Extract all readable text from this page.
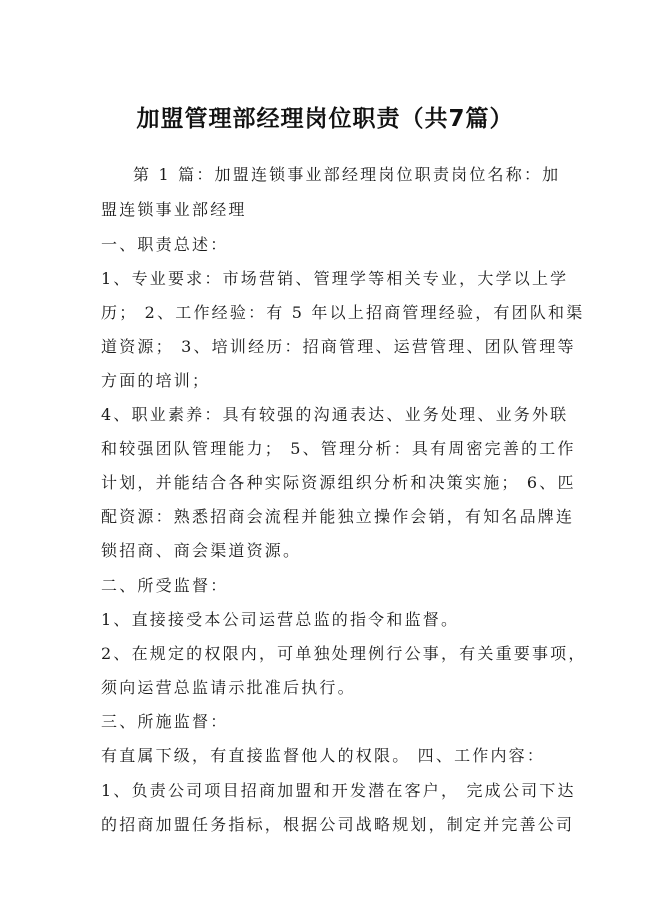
加盟管理部经理岗位职责（共7篇）
第 1 篇：加盟连锁事业部经理岗位职责岗位名称：加
盟连锁事业部经理
一、职责总述：
1、专业要求：市场营销、管理学等相关专业，大学以上学
历； 2、工作经验：有 5 年以上招商管理经验，有团队和渠
道资源； 3、培训经历：招商管理、运营管理、团队管理等
方面的培训；
4、职业素养：具有较强的沟通表达、业务处理、业务外联
和较强团队管理能力； 5、管理分析：具有周密完善的工作
计划，并能结合各种实际资源组织分析和决策实施； 6、匹
配资源：熟悉招商会流程并能独立操作会销，有知名品牌连
锁招商、商会渠道资源。
二、所受监督：
1、直接接受本公司运营总监的指令和监督。
2、在规定的权限内，可单独处理例行公事，有关重要事项，
须向运营总监请示批准后执行。
三、所施监督：
有直属下级，有直接监督他人的权限。 四、工作内容：
1、负责公司项目招商加盟和开发潜在客户， 完成公司下达
的招商加盟任务指标，根据公司战略规划，制定并完善公司
